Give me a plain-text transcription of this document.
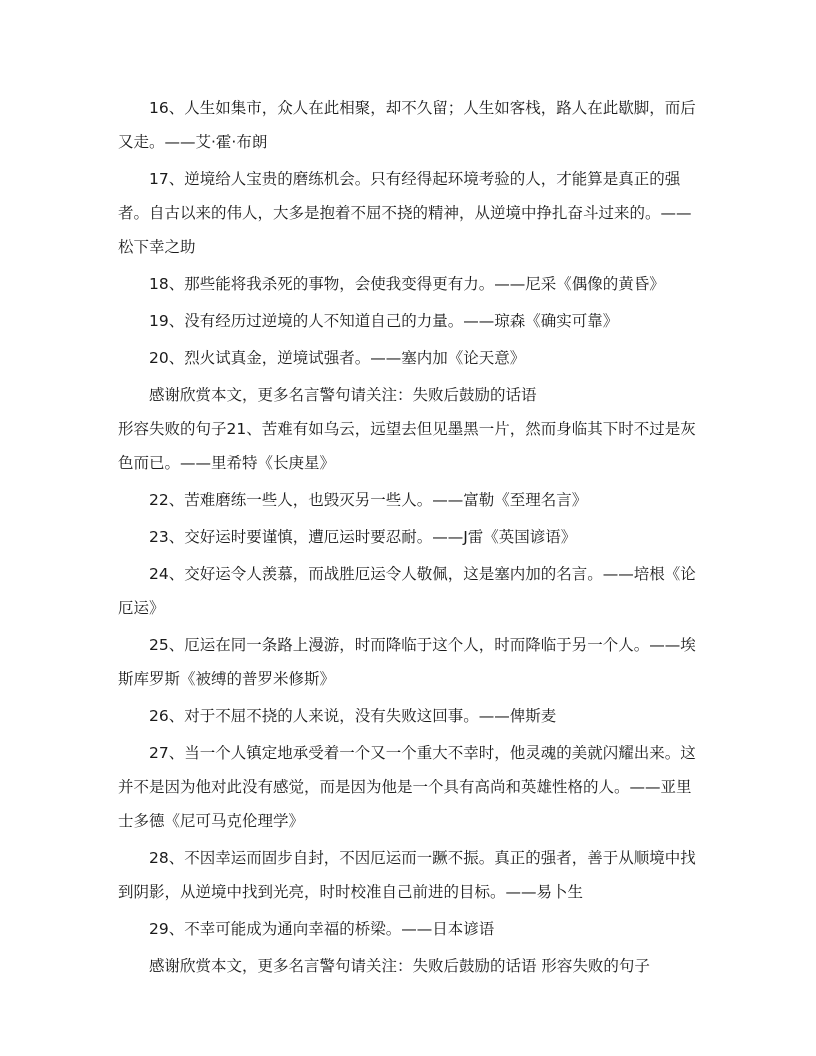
16、人生如集市，众人在此相聚，却不久留；人生如客栈，路人在此歇脚，而后又走。——艾·霍·布朗

17、逆境给人宝贵的磨练机会。只有经得起环境考验的人，才能算是真正的强者。自古以来的伟人，大多是抱着不屈不挠的精神，从逆境中挣扎奋斗过来的。——松下幸之助

18、那些能将我杀死的事物，会使我变得更有力。——尼采《偶像的黄昏》

19、没有经历过逆境的人不知道自己的力量。——琼森《确实可靠》

20、烈火试真金，逆境试强者。——塞内加《论天意》

感谢欣赏本文，更多名言警句请关注：失败后鼓励的话语

形容失败的句子21、苦难有如乌云，远望去但见墨黑一片，然而身临其下时不过是灰色而已。——里希特《长庚星》

22、苦难磨练一些人，也毁灭另一些人。——富勒《至理名言》

23、交好运时要谨慎，遭厄运时要忍耐。——J雷《英国谚语》

24、交好运令人羡慕，而战胜厄运令人敬佩，这是塞内加的名言。——培根《论厄运》

25、厄运在同一条路上漫游，时而降临于这个人，时而降临于另一个人。——埃斯库罗斯《被缚的普罗米修斯》

26、对于不屈不挠的人来说，没有失败这回事。——俾斯麦

27、当一个人镇定地承受着一个又一个重大不幸时，他灵魂的美就闪耀出来。这并不是因为他对此没有感觉，而是因为他是一个具有高尚和英雄性格的人。——亚里士多德《尼可马克伦理学》

28、不因幸运而固步自封，不因厄运而一蹶不振。真正的强者，善于从顺境中找到阴影，从逆境中找到光亮，时时校准自己前进的目标。——易卜生

29、不幸可能成为通向幸福的桥梁。——日本谚语

感谢欣赏本文，更多名言警句请关注：失败后鼓励的话语 形容失败的句子
